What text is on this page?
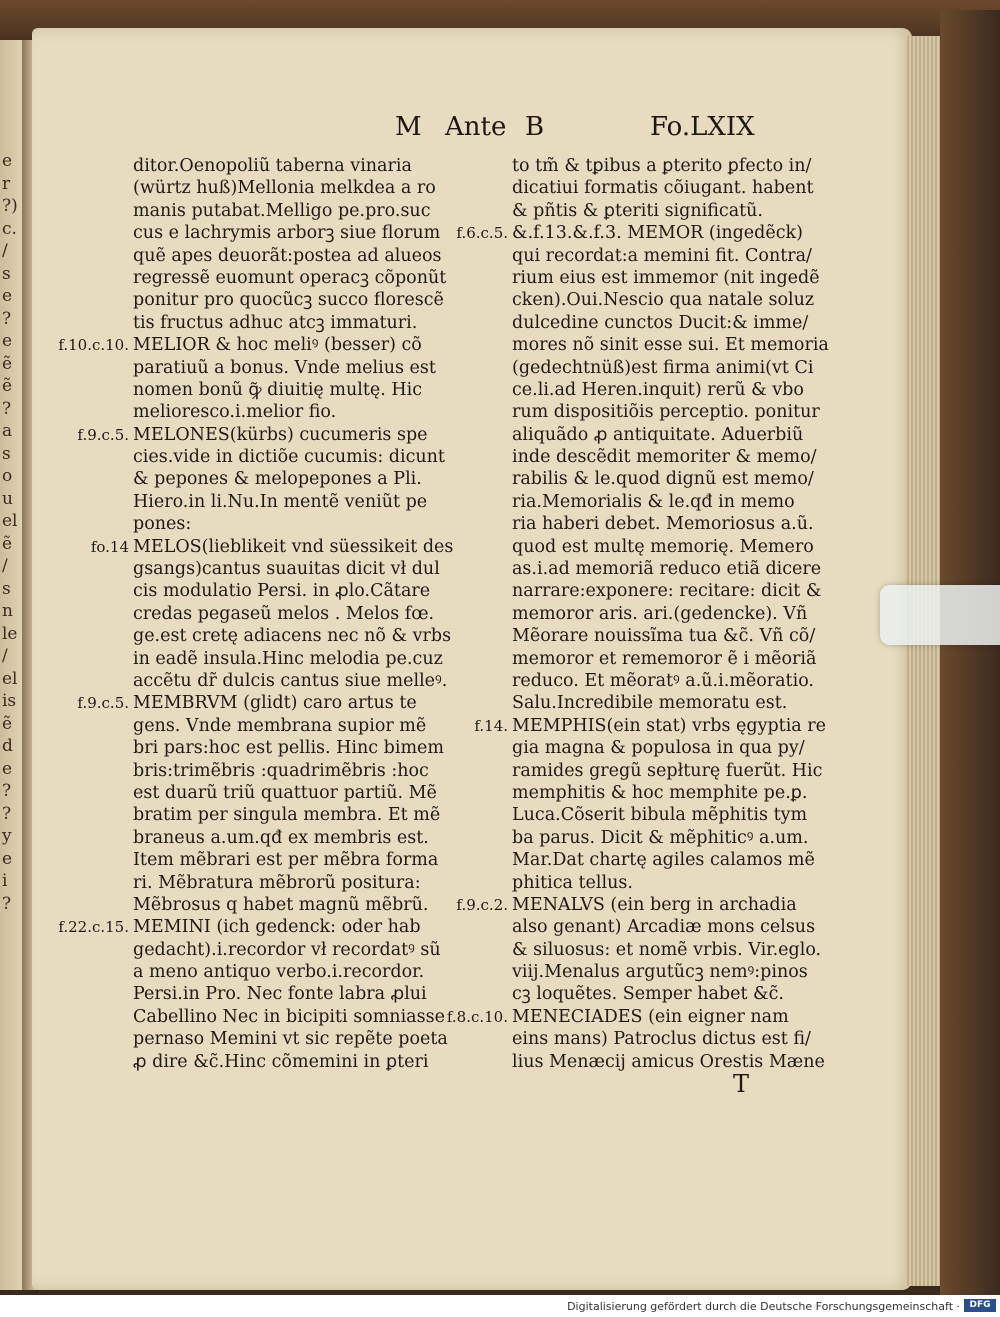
e
r
?)
c.
/
s
e
?
e
ẽ
ẽ
?
a
s
o
u
el
ẽ
/
s
n
le
/
el
is
ẽ
d
e
?
?
y
e
i
?
M Ante B	Fo.LXIX
ditor.Oenopoliũ taberna vinaria
(würtz huß)Mellonia melkdea a ro
manis putabat.Melligo pe.pro.suc
cus e lachrymis arborꝫ siue florum
quẽ apes deuorãt:postea ad alueos
regressẽ euomunt operacꝫ cõponũt
ponitur pro quocũcꝫ succo florescẽ
tis fructus adhuc atcꝫ immaturi.
f.10.c.10. MELIOR & hoc meliꝰ (besser) cõ
paratiuũ a bonus. Vnde melius est
nomen bonũ ꝙ̃ diuitię multę. Hic
melioresco.i.melior fio.
f.9.c.5. MELONES(kürbs) cucumeris spe
cies.vide in dictiõe cucumis: dicunt
& pepones & melopepones a Pli.
Hiero.in li.Nu.In mentẽ veniũt pe
pones:
fo.14 MELOS(lieblikeit vnd süessikeit des
gsangs)cantus suauitas dicit vł dul
cis modulatio Persi. in ꝓlo.Cãtare
credas pegaseũ melos . Melos fœ.
ge.est cretę adiacens nec nõ & vrbs
in eadẽ insula.Hinc melodia pe.cuz
accẽtu dr̃ dulcis cantus siue melleꝰ.
f.9.c.5. MEMBRVM (glidt) caro artus te
gens. Vnde membrana supior mẽ
bri pars:hoc est pellis. Hinc bimem
bris:trimẽbris :quadrimẽbris :hoc
est duarũ triũ quattuor partiũ. Mẽ
bratim per singula membra. Et mẽ
braneus a.um.qđ ex membris est.
Item mẽbrari est per mẽbra forma
ri. Mẽbratura mẽbrorũ positura:
Mẽbrosus q habet magnũ mẽbrũ.
f.22.c.15. MEMINI (ich gedenck: oder hab
gedacht).i.recordor vł recordatꝰ sũ
a meno antiquo verbo.i.recordor.
Persi.in Pro. Nec fonte labra ꝓlui
Cabellino Nec in bicipiti somniasse
pernaso Memini vt sic repẽte poeta
ꝓ dire &c̃.Hinc cõmemini in ꝑteri
to tm̃ & tꝑibus a ꝑterito ꝑfecto in/
dicatiui formatis cõiugant. habent
& pñtis & ꝑteriti significatũ.
f.6.c.5. &.f.13.&.f.3. MEMOR (ingedẽck)
qui recordat:a memini fit. Contra/
rium eius est immemor (nit ingedẽ
cken).Oui.Nescio qua natale soluz
dulcedine cunctos Ducit:& imme/
mores nõ sinit esse sui. Et memoria
(gedechtnüß)est firma animi(vt Ci
ce.li.ad Heren.inquit) rerũ & vbo
rum dispositiõis perceptio. ponitur
aliquãdo ꝓ antiquitate. Aduerbiũ
inde descẽdit memoriter & memo/
rabilis & le.quod dignũ est memo/
ria.Memorialis & le.qđ in memo
ria haberi debet. Memoriosus a.ũ.
quod est multę memorię. Memero
as.i.ad memoriã reduco etiã dicere
narrare:exponere: recitare: dicit &
memoror aris. ari.(gedencke). Vñ
Mẽorare nouissĩma tua &c̃. Vñ cõ/
memoror et rememoror ẽ i mẽoriã
reduco. Et mẽoratꝰ a.ũ.i.mẽoratio.
Salu.Incredibile memoratu est.
f.14. MEMPHIS(ein stat) vrbs ęgyptia re
gia magna & populosa in qua py/
ramides gregũ sepłturę fuerũt. Hic
memphitis & hoc memphite pe.ꝑ.
Luca.Cõserit bibula mẽphitis tym
ba parus. Dicit & mẽphiticꝰ a.um.
Mar.Dat chartę agiles calamos mẽ
phitica tellus.
f.9.c.2. MENALVS (ein berg in archadia
also genant) Arcadiæ mons celsus
& siluosus: et nomẽ vrbis. Vir.eglo.
viij.Menalus argutũcꝫ nemꝰ:pinos
cꝫ loquẽtes. Semper habet &c̃.
f.8.c.10. MENECIADES (ein eigner nam
eins mans) Patroclus dictus est fi/
lius Menæcij amicus Orestis Mæne
T
Digitalisierung gefördert durch die Deutsche Forschungsgemeinschaft ·	DFG
